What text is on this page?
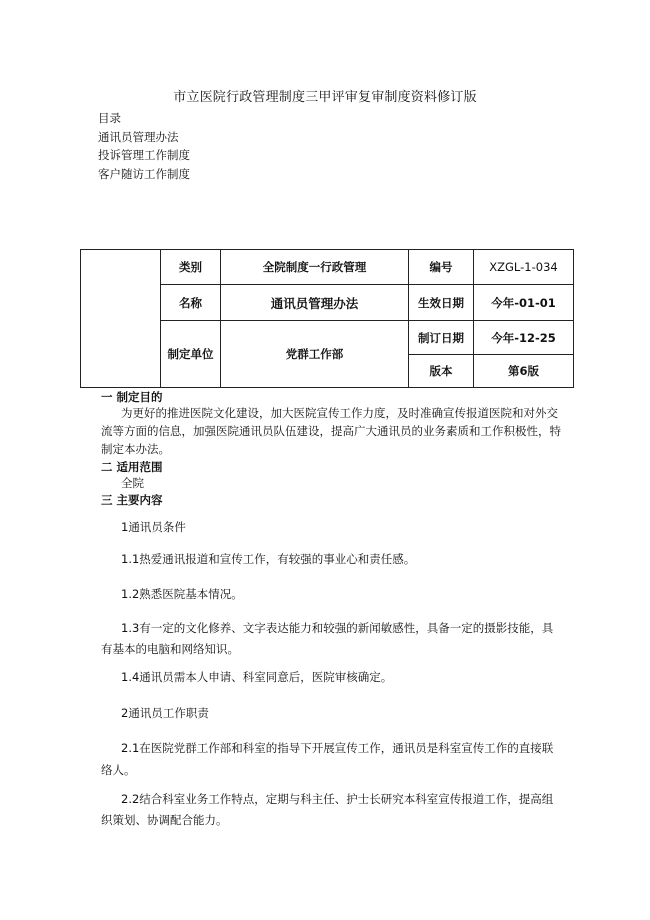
市立医院行政管理制度三甲评审复审制度资料修订版
目录
通讯员管理办法
投诉管理工作制度
客户随访工作制度
	类别	全院制度一行政管理	编号	XZGL-1-034
	名称	通讯员管理办法	生效日期	今年-01-01
	制定单位	党群工作部	制订日期	今年-12-25
			版本	第6版
一 制定目的
为更好的推进医院文化建设，加大医院宣传工作力度，及时准确宣传报道医院和对外交
流等方面的信息，加强医院通讯员队伍建设，提高广大通讯员的业务素质和工作积极性，特
制定本办法。
二 适用范围
全院
三 主要内容
1通讯员条件
1.1热爱通讯报道和宣传工作，有较强的事业心和责任感。
1.2熟悉医院基本情况。
1.3有一定的文化修养、文字表达能力和较强的新闻敏感性，具备一定的摄影技能，具
有基本的电脑和网络知识。
1.4通讯员需本人申请、科室同意后，医院审核确定。
2通讯员工作职责
2.1在医院党群工作部和科室的指导下开展宣传工作，通讯员是科室宣传工作的直接联
络人。
2.2结合科室业务工作特点，定期与科主任、护士长研究本科室宣传报道工作，提高组
织策划、协调配合能力。
